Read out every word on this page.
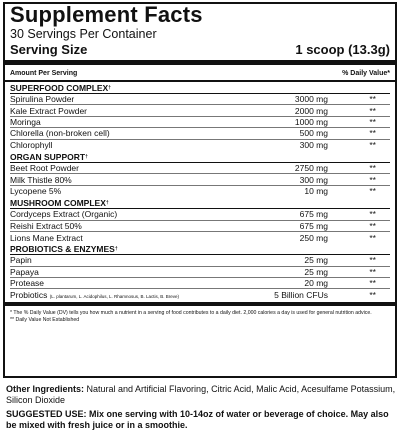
Supplement Facts
30 Servings Per Container
Serving Size	1 scoop (13.3g)
Amount Per Serving	% Daily Value*
SUPERFOOD COMPLEX†
Spirulina Powder	3000 mg	**
Kale Extract Powder	2000 mg	**
Moringa	1000 mg	**
Chlorella (non-broken cell)	500 mg	**
Chlorophyll	300 mg	**
ORGAN SUPPORT†
Beet Root Powder	2750 mg	**
Milk Thistle 80%	300 mg	**
Lycopene 5%	10 mg	**
MUSHROOM COMPLEX†
Cordyceps Extract (Organic)	675 mg	**
Reishi Extract 50%	675 mg	**
Lions Mane Extract	250 mg	**
PROBIOTICS & ENZYMES†
Papin	25 mg	**
Papaya	25 mg	**
Protease	20 mg	**
Probiotics (L. plantarum, L. Acidophilus, L. Rhamnosus, B. Lactis, B. Breve)	5 Billion CFUs	**
* The % Daily Value (DV) tells you how much a nutrient in a serving of food contributes to a daily diet. 2,000 calories a day is used for general nutrition advice.
** Daily Value Not Established

Other Ingredients: Natural and Artificial Flavoring, Citric Acid, Malic Acid, Acesulfame Potassium, Silicon Dioxide

SUGGESTED USE: Mix one serving with 10-14oz of water or beverage of choice. May also be mixed with fresh juice or in a smoothie.
